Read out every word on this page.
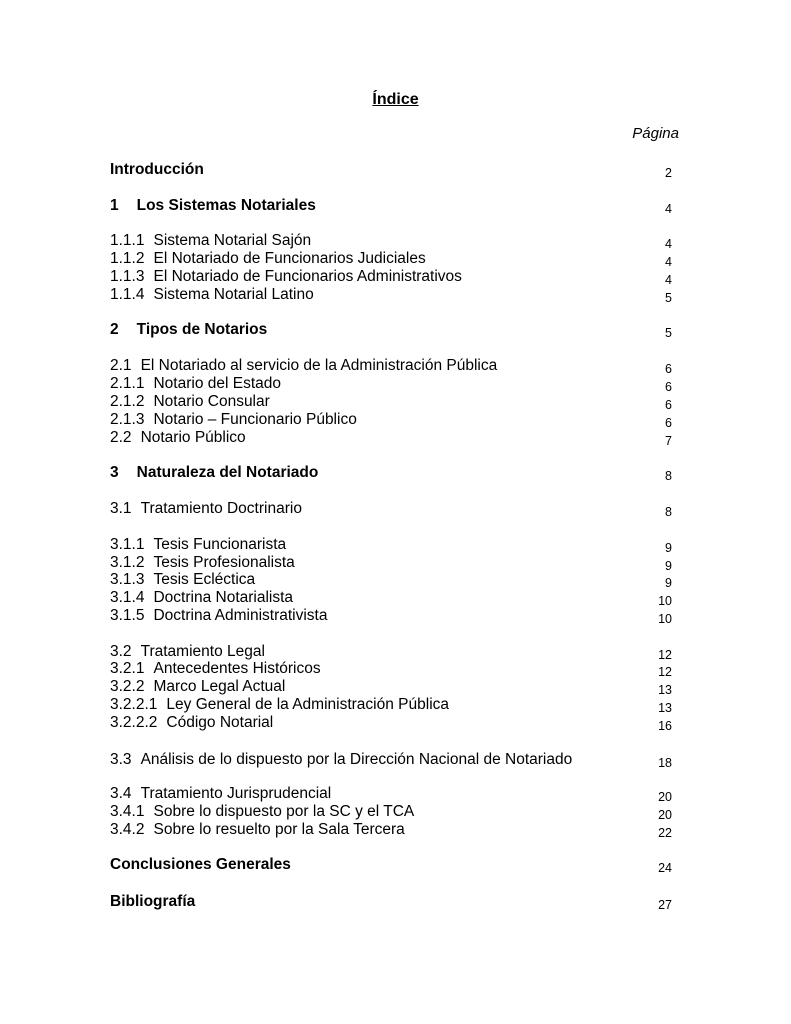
Índice
Página
Introducción	2
1 Los Sistemas Notariales	4
1.1.1 Sistema Notarial Sajón	4
1.1.2 El Notariado de Funcionarios Judiciales	4
1.1.3 El Notariado de Funcionarios Administrativos	4
1.1.4 Sistema Notarial Latino	5
2 Tipos de Notarios	5
2.1 El Notariado al servicio de la Administración Pública	6
2.1.1 Notario del Estado	6
2.1.2 Notario Consular	6
2.1.3 Notario – Funcionario Público	6
2.2 Notario Público	7
3 Naturaleza del Notariado	8
3.1 Tratamiento Doctrinario	8
3.1.1 Tesis Funcionarista	9
3.1.2 Tesis Profesionalista	9
3.1.3 Tesis Ecléctica	9
3.1.4 Doctrina Notarialista	10
3.1.5 Doctrina Administrativista	10
3.2 Tratamiento Legal	12
3.2.1 Antecedentes Históricos	12
3.2.2 Marco Legal Actual	13
3.2.2.1 Ley General de la Administración Pública	13
3.2.2.2 Código Notarial	16
3.3 Análisis de lo dispuesto por la Dirección Nacional de Notariado	18
3.4 Tratamiento Jurisprudencial	20
3.4.1 Sobre lo dispuesto por la SC y el TCA	20
3.4.2 Sobre lo resuelto por la Sala Tercera	22
Conclusiones Generales	24
Bibliografía	27
